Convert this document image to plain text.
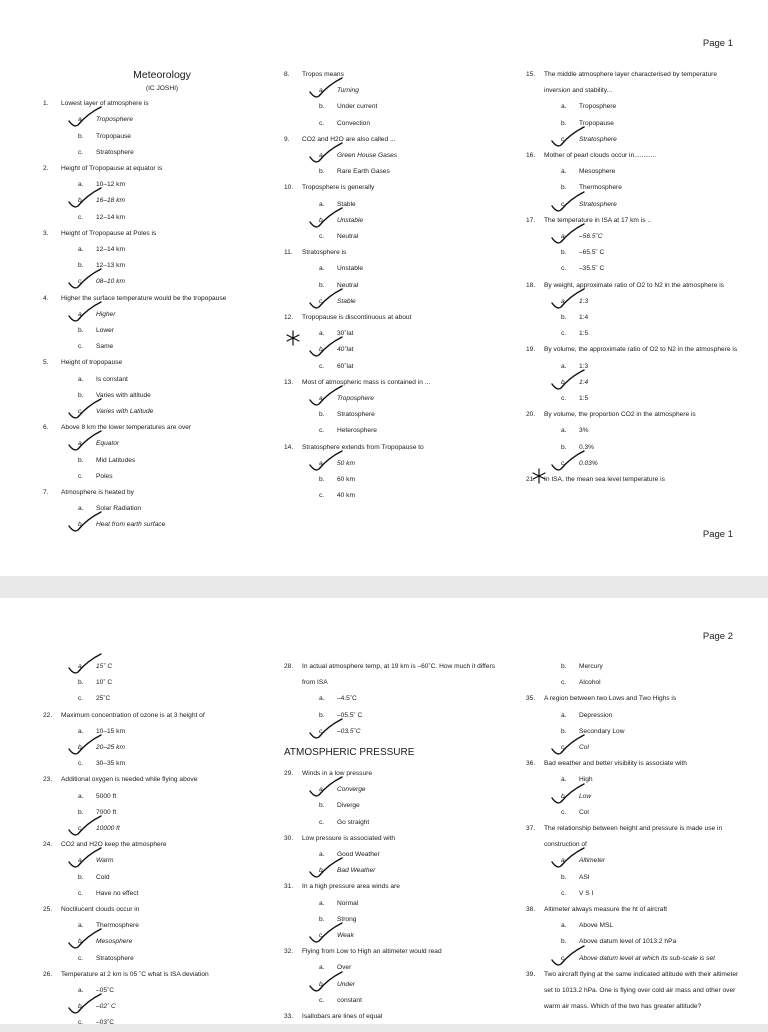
Page 1
Meteorology
(IC JOSHI)
1. Lowest layer of atmosphere is
a.	Troposphere
b.	Tropopause
c.	Stratosphere
2. Height of Tropopause at equator is
a.	10–12 km
b.	16–18 km
c.	12–14 km
3. Height of Tropopause at Poles is
a.	12–14 km
b.	12–13 km
c.	08–10 km
4. Higher the surface temperature would be the tropopause
a.	Higher
b.	Lower
c.	Same
5. Height of tropopause
a.	Is constant
b.	Varies with altitude
c.	Varies with Latitude
6. Above 8 km the lower temperatures are over
a.	Equator
b.	Mid Latitudes
c.	Poles
7. Atmosphere is heated by
a.	Solar Radiation
b.	Heat from earth surface
8. Tropos means
a.	Turning
b.	Under current
c.	Convection
9. CO2 and H2O are also called ...
a.	Green House Gases
b.	Rare Earth Gases
10. Troposphere is generally
a.	Stable
b.	Unstable
c.	Neutral
11. Stratosphere is
a.	Unstable
b.	Neutral
c.	Stable
12. Tropopause is discontinuous at about
a.	30˚lat
b.	40˚lat
c.	60˚lat
13. Most of atmospheric mass is contained in ...
a.	Troposphere
b.	Stratosphere
c.	Heterosphere
14. Stratosphere extends from Tropopause to
a.	50 km
b.	60 km
c.	40 km
15. The middle atmosphere layer characterised by temperature inversion and stability...
a.	Troposphere
b.	Tropopause
c.	Stratosphere
16. Mother of pearl clouds occur in............
a.	Mesosphere
b.	Thermosphere
c.	Stratosphere
17. The temperature in ISA at 17 km is ..
a.	–56.5˚C
b.	–65.5˚ C
c.	–35.5˚ C
18. By weight, approximate ratio of O2 to N2 in the atmosphere is
a.	1:3
b.	1:4
c.	1:5
19. By volume, the approximate ratio of O2 to N2 in the atmosphere is
a.	1:3
b.	1:4
c.	1:5
20. By volume, the proportion CO2 in the atmosphere is
a.	3%
b.	0.3%
c.	0.03%
21. In ISA, the mean sea level temperature is
Page 1
Page 2
a.	15˚ C
b.	10˚ C
c.	25˚C
22. Maximum concentration of ozone is at 3 height of
a.	10–15 km
b.	20–25 km
c.	30–35 km
23. Additional oxygen is needed while flying above
a.	5000 ft
b.	7000 ft
c.	10000 ft
24. CO2 and H2O keep the atmosphere
a.	Warm
b.	Cold
c.	Have no effect
25. Noctilucent clouds occur in
a.	Thermosphere
b.	Mesosphere
c.	Stratosphere
26. Temperature at 2 km is 05 ˚C what is ISA deviation
a.	–05˚C
b.	–02˚ C
c.	–03˚C
28. In actual atmosphere temp, at 19 km is –60˚C. How much it differs from ISA
a.	–4.5˚C
b.	–05.5˚ C
c.	–03.5˚C
ATMOSPHERIC PRESSURE
29. Winds in a low pressure
a.	Converge
b.	Diverge
c.	Go straight
30. Low pressure is associated with
a.	Good Weather
b.	Bad Weather
31. In a high pressure area winds are
a.	Normal
b.	Strong
c.	Weak
32. Flying from Low to High an altimeter would read
a.	Over
b.	Under
c.	constant
33. Isallobars are lines of equal
b.	Mercury
c.	Alcohol
35. A region between two Lows and Two Highs is
a.	Depression
b.	Secondary Low
c.	Col
36. Bad weather and better visibility is associate with
a.	High
b.	Low
c.	Col
37. The relationship between height and pressure is made use in construction of
a.	Altimeter
b.	ASI
c.	V S I
38. Altimeter always measure the ht of aircraft
a.	Above MSL
b.	Above datum level of 1013.2 hPa
c.	Above datum level at which its sub-scale is set
39. Two aircraft flying at the same indicated altitude with their altimeter set to 1013.2 hPa. One is flying over cold air mass and other over warm air mass. Which of the two has greater altitude?
